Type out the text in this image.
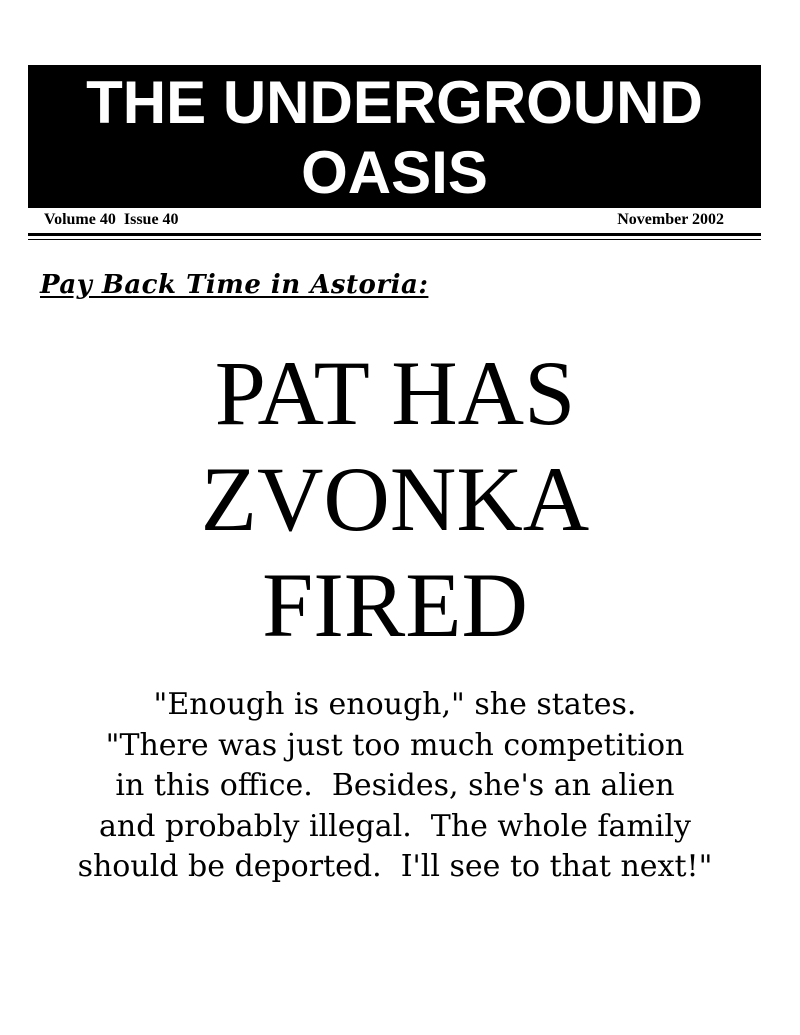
THE UNDERGROUND
OASIS
Volume 40  Issue 40	November 2002
Pay Back Time in Astoria:
PAT HAS
ZVONKA
FIRED
"Enough is enough," she states.
"There was just too much competition
in this office.  Besides, she's an alien
and probably illegal.  The whole family
should be deported.  I'll see to that next!"
